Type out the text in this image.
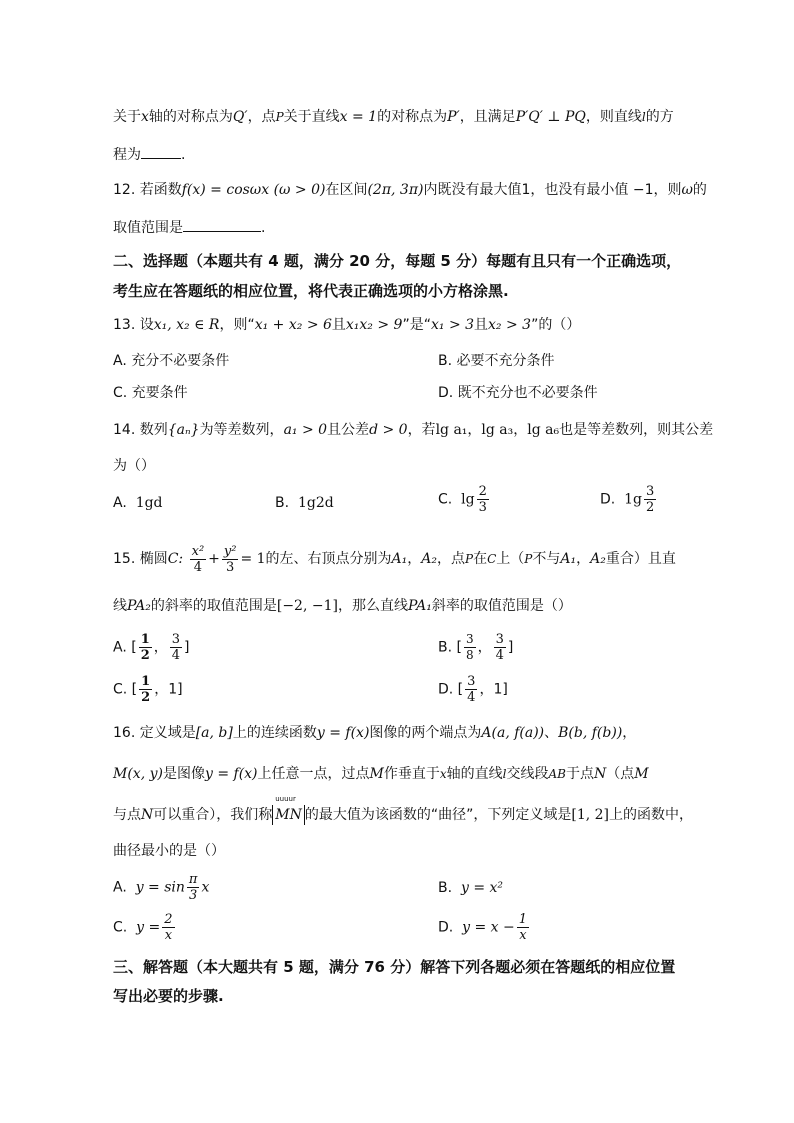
关于x轴的对称点为Q′，点P关于直线x = 1的对称点为P′，且满足P′Q′ ⊥ PQ，则直线l的方
程为	.
12. 若函数f(x) = cosωx (ω > 0)在区间(2π, 3π)内既没有最大值1，也没有最小值 −1，则ω的
取值范围是	.
二、选择题（本题共有 4 题，满分 20 分，每题 5 分）每题有且只有一个正确选项，
考生应在答题纸的相应位置，将代表正确选项的小方格涂黑.
13. 设x₁, x₂ ∈ R，则“x₁ + x₂ > 6且x₁x₂ > 9”是“x₁ > 3且x₂ > 3”的（）
A. 充分不必要条件	B. 必要不充分条件
C. 充要条件	D. 既不充分也不必要条件
14. 数列{aₙ}为等差数列，a₁ > 0且公差d > 0，若lg a₁，lg a₃，lg a₆也是等差数列，则其公差
为（）
A. 1gd	B. 1g2d	C. $\lg \frac{2}{3}$	D. $1g \frac{3}{2}$
15. 椭圆C: $\frac{\text{x²}}{4} + \frac{\text{y²}}{3} = 1$的左、右顶点分别为A₁，A₂，点P在C上（P不与A₁，A₂重合）且直
线PA₂的斜率的取值范围是[−2, −1]，那么直线PA₁斜率的取值范围是（）
A. [ $\frac{1}{2}$ ， $\frac{3}{4}$ ]	B. [ $\frac{3}{8}$ ， $\frac{3}{4}$ ]
C. [ $\frac{1}{2}$ ，1]	D. [ $\frac{3}{4}$ ，1]
16. 定义域是[a, b]上的连续函数y = f(x)图像的两个端点为A(a, f(a))、B(b, f(b))，
M(x, y)是图像y = f(x)上任意一点，过点M作垂直于x轴的直线l交线段AB于点N（点M
与点N可以重合），我们称
uuuur
MN 的最大值为该函数的“曲径”，下列定义域是[1, 2]上的函数中，
曲径最小的是（）
A. $y = \sin \frac{\pi}{3}$ x	B. y = x²
C. $y = \frac{2}{x}$	D. $y = x - \frac{1}{x}$
三、解答题（本大题共有 5 题，满分 76 分）解答下列各题必须在答题纸的相应位置
写出必要的步骤.
